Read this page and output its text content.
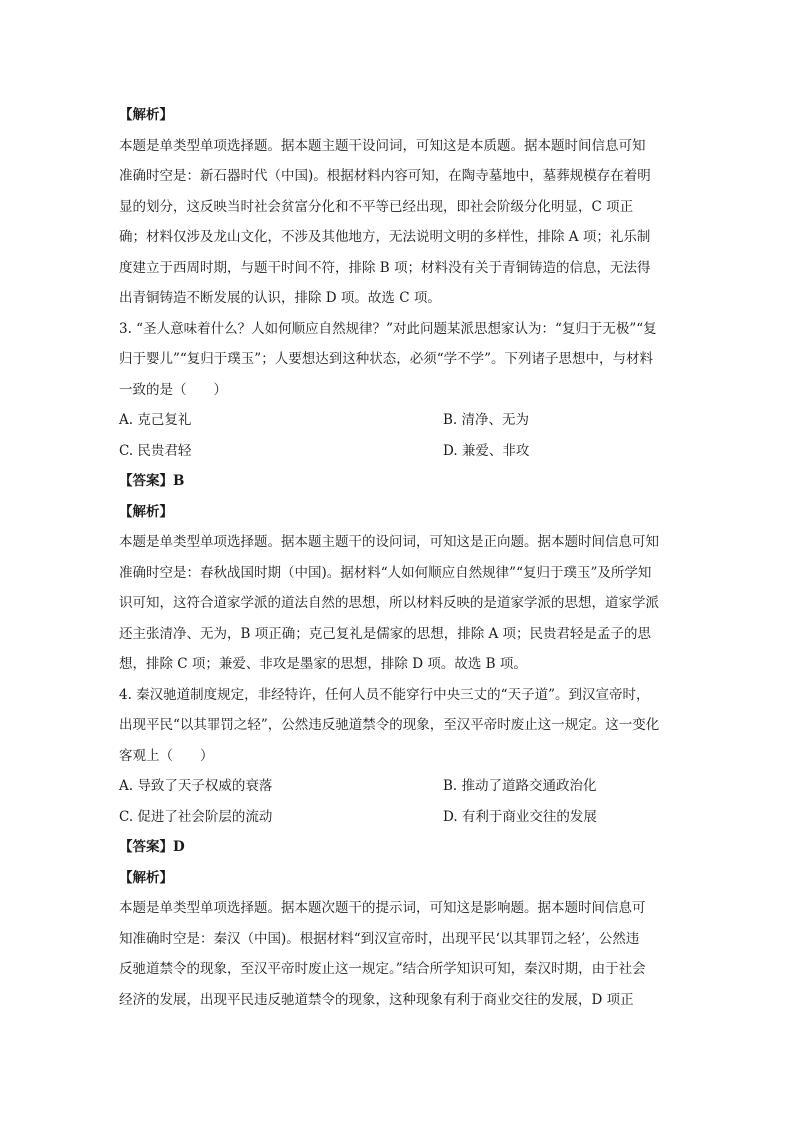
【解析】
本题是单类型单项选择题。据本题主题干设问词，可知这是本质题。据本题时间信息可知
准确时空是：新石器时代（中国)。根据材料内容可知，在陶寺墓地中，墓葬规模存在着明
显的划分，这反映当时社会贫富分化和不平等已经出现，即社会阶级分化明显，C 项正
确；材料仅涉及龙山文化，不涉及其他地方，无法说明文明的多样性，排除 A 项；礼乐制
度建立于西周时期，与题干时间不符，排除 B 项；材料没有关于青铜铸造的信息，无法得
出青铜铸造不断发展的认识，排除 D 项。故选 C 项。
3. “圣人意味着什么？人如何顺应自然规律？”对此问题某派思想家认为：“复归于无极”“复
归于婴儿”“复归于璞玉”；人要想达到这种状态，必须“学不学”。下列诸子思想中，与材料
一致的是（　　）
A. 克己复礼	B. 清净、无为
C. 民贵君轻	D. 兼爱、非攻
【答案】B
【解析】
本题是单类型单项选择题。据本题主题干的设问词，可知这是正向题。据本题时间信息可知
准确时空是：春秋战国时期（中国)。据材料“人如何顺应自然规律”“复归于璞玉”及所学知
识可知，这符合道家学派的道法自然的思想，所以材料反映的是道家学派的思想，道家学派
还主张清净、无为，B 项正确；克己复礼是儒家的思想，排除 A 项；民贵君轻是孟子的思
想，排除 C 项；兼爱、非攻是墨家的思想，排除 D 项。故选 B 项。
4. 秦汉驰道制度规定，非经特许，任何人员不能穿行中央三丈的“天子道”。到汉宣帝时，
出现平民“以其罪罚之轻”，公然违反驰道禁令的现象，至汉平帝时废止这一规定。这一变化
客观上（　　）
A. 导致了天子权威的衰落	B. 推动了道路交通政治化
C. 促进了社会阶层的流动	D. 有利于商业交往的发展
【答案】D
【解析】
本题是单类型单项选择题。据本题次题干的提示词，可知这是影响题。据本题时间信息可
知准确时空是：秦汉（中国)。根据材料“到汉宣帝时，出现平民‘以其罪罚之轻’，公然违
反驰道禁令的现象，至汉平帝时废止这一规定。”结合所学知识可知，秦汉时期，由于社会
经济的发展，出现平民违反驰道禁令的现象，这种现象有利于商业交往的发展，D 项正
